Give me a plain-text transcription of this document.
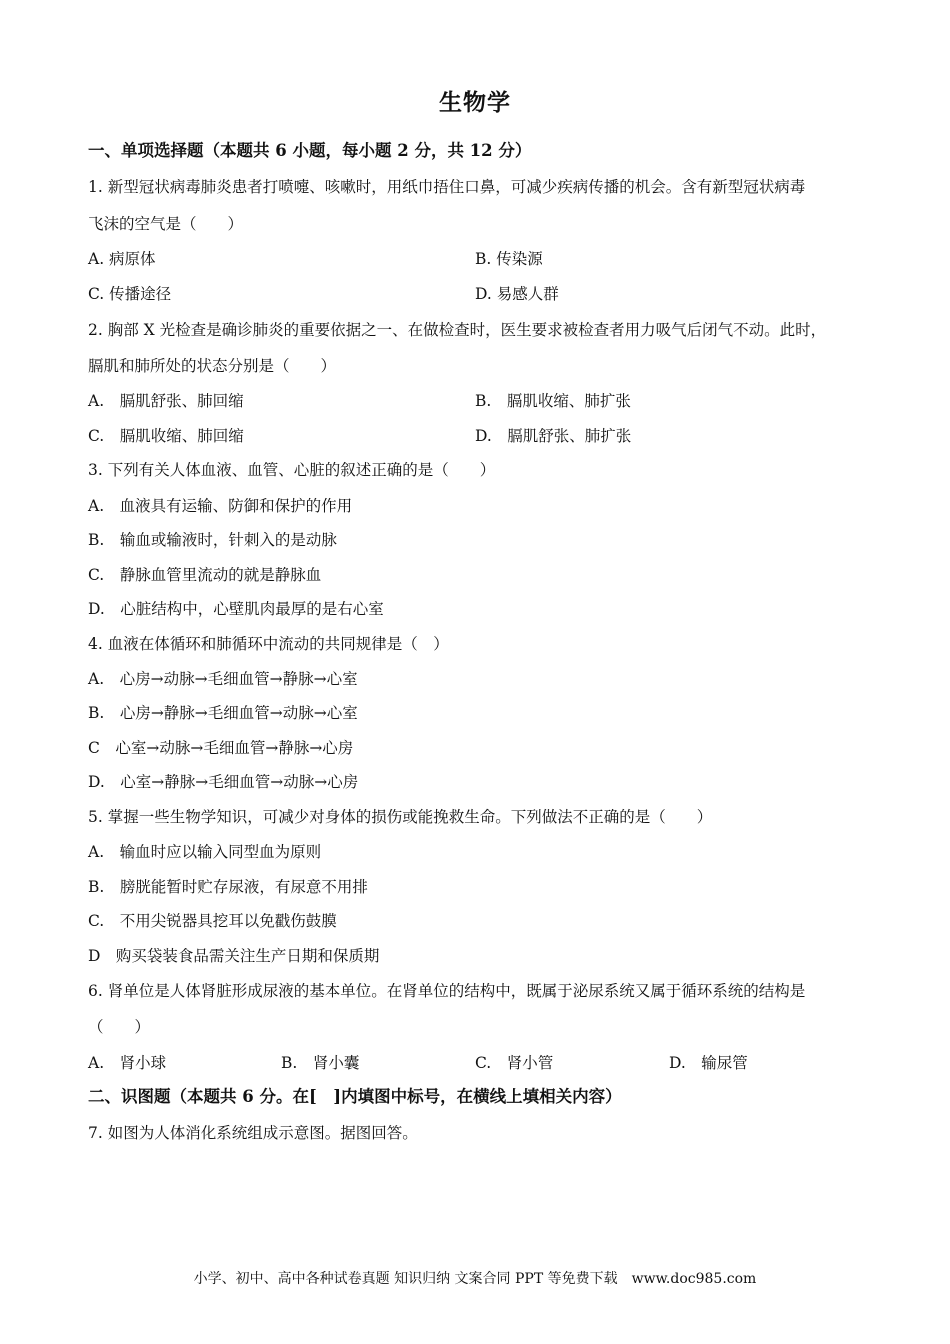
生物学
一、单项选择题（本题共 6 小题，每小题 2 分，共 12 分）
1. 新型冠状病毒肺炎患者打喷嚏、咳嗽时，用纸巾捂住口鼻，可减少疾病传播的机会。含有新型冠状病毒
飞沫的空气是（　　）
A. 病原体	B. 传染源
C. 传播途径	D. 易感人群
2. 胸部 X 光检查是确诊肺炎的重要依据之一、在做检查时，医生要求被检查者用力吸气后闭气不动。此时，
膈肌和肺所处的状态分别是（　　）
A.　膈肌舒张、肺回缩	B.　膈肌收缩、肺扩张
C.　膈肌收缩、肺回缩	D.　膈肌舒张、肺扩张
3. 下列有关人体血液、血管、心脏的叙述正确的是（　　）
A.　血液具有运输、防御和保护的作用
B.　输血或输液时，针刺入的是动脉
C.　静脉血管里流动的就是静脉血
D.　心脏结构中，心壁肌肉最厚的是右心室
4. 血液在体循环和肺循环中流动的共同规律是（　）
A.　心房→动脉→毛细血管→静脉→心室
B.　心房→静脉→毛细血管→动脉→心室
C　心室→动脉→毛细血管→静脉→心房
D.　心室→静脉→毛细血管→动脉→心房
5. 掌握一些生物学知识，可减少对身体的损伤或能挽救生命。下列做法不正确的是（　　）
A.　输血时应以输入同型血为原则
B.　膀胱能暂时贮存尿液，有尿意不用排
C.　不用尖锐器具挖耳以免戳伤鼓膜
D　购买袋装食品需关注生产日期和保质期
6. 肾单位是人体肾脏形成尿液的基本单位。在肾单位的结构中，既属于泌尿系统又属于循环系统的结构是
（　　）
A.　肾小球	B.　肾小囊	C.　肾小管	D.　输尿管
二、识图题（本题共 6 分。在[　]内填图中标号，在横线上填相关内容）
7. 如图为人体消化系统组成示意图。据图回答。
小学、初中、高中各种试卷真题 知识归纳 文案合同 PPT 等免费下载　www.doc985.com
